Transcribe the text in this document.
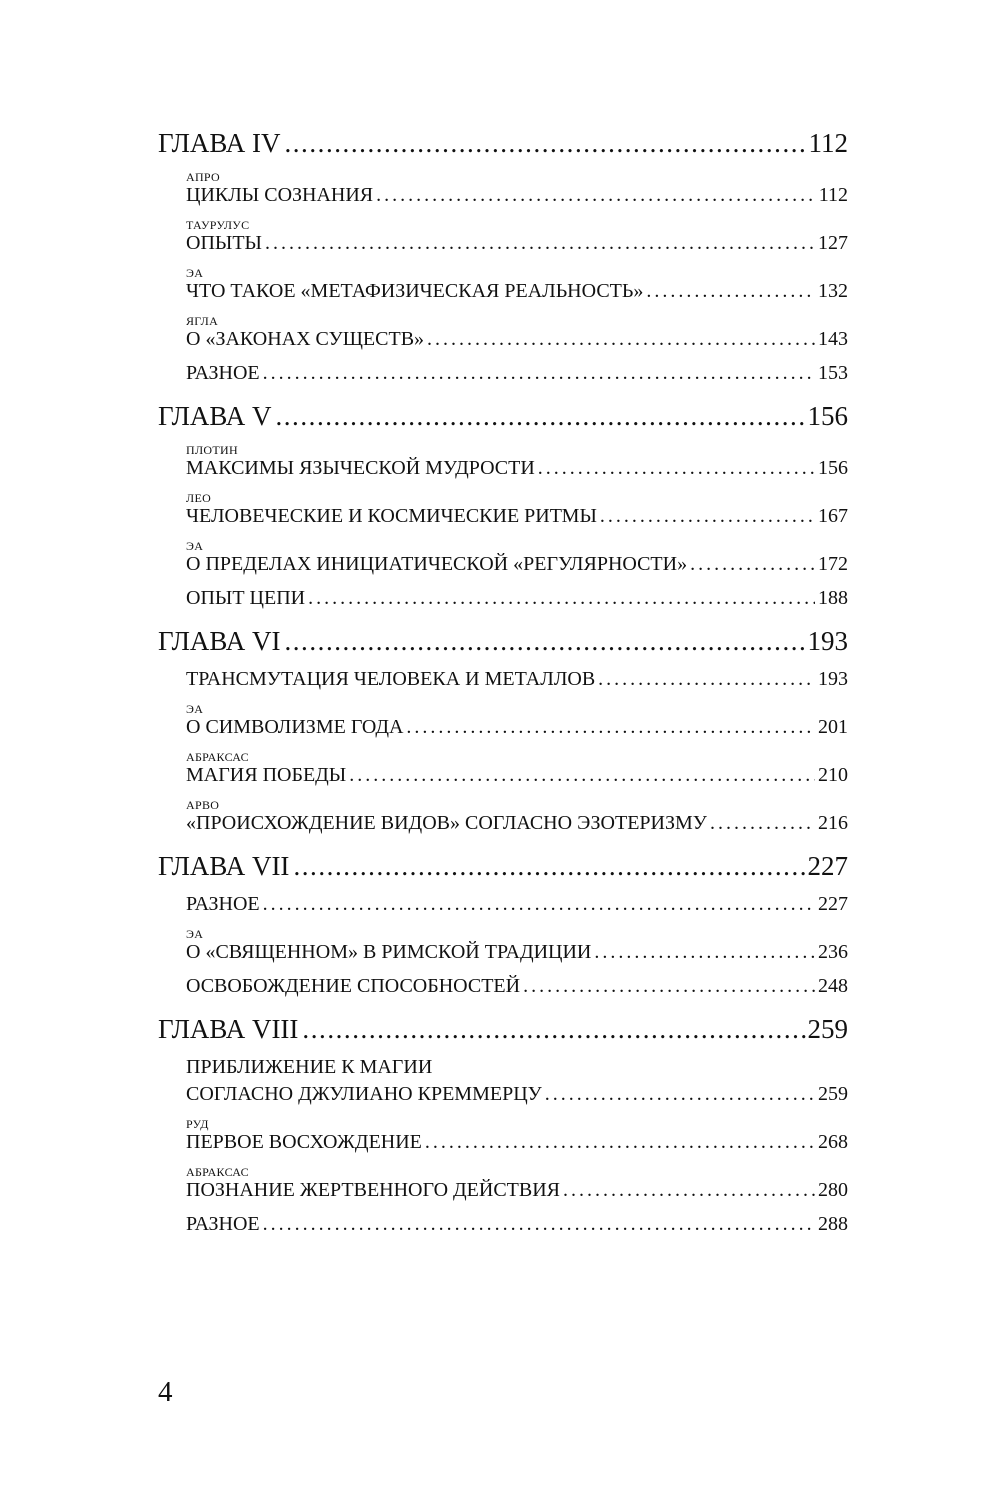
ГЛАВА IV . . .	112
АПРО
ЦИКЛЫ СОЗНАНИЯ . . .	112
ТАУРУЛУС
ОПЫТЫ . . .	127
ЭА
ЧТО ТАКОЕ «МЕТАФИЗИЧЕСКАЯ РЕАЛЬНОСТЬ» . . .	132
ЯГЛА
О «ЗАКОНАХ СУЩЕСТВ» . . .	143
РАЗНОЕ . . .	153
ГЛАВА V . . .	156
ПЛОТИН
МАКСИМЫ ЯЗЫЧЕСКОЙ МУДРОСТИ . . .	156
ЛЕО
ЧЕЛОВЕЧЕСКИЕ И КОСМИЧЕСКИЕ РИТМЫ . . .	167
ЭА
О ПРЕДЕЛАХ ИНИЦИАТИЧЕСКОЙ «РЕГУЛЯРНОСТИ» . . .	172
ОПЫТ ЦЕПИ . . .	188
ГЛАВА VI . . .	193
ТРАНСМУТАЦИЯ ЧЕЛОВЕКА И МЕТАЛЛОВ . . .	193
ЭА
О СИМВОЛИЗМЕ ГОДА . . .	201
АБРАКСАС
МАГИЯ ПОБЕДЫ . . .	210
АРВО
«ПРОИСХОЖДЕНИЕ ВИДОВ» СОГЛАСНО ЭЗОТЕРИЗМУ . . .	216
ГЛАВА VII . . .	227
РАЗНОЕ . . .	227
ЭА
О «СВЯЩЕННОМ» В РИМСКОЙ ТРАДИЦИИ . . .	236
ОСВОБОЖДЕНИЕ СПОСОБНОСТЕЙ . . .	248
ГЛАВА VIII . . .	259
ПРИБЛИЖЕНИЕ К МАГИИ
СОГЛАСНО ДЖУЛИАНО КРЕММЕРЦУ . . .	259
РУД
ПЕРВОЕ ВОСХОЖДЕНИЕ . . .	268
АБРАКСАС
ПОЗНАНИЕ ЖЕРТВЕННОГО ДЕЙСТВИЯ . . .	280
РАЗНОЕ . . .	288
4
